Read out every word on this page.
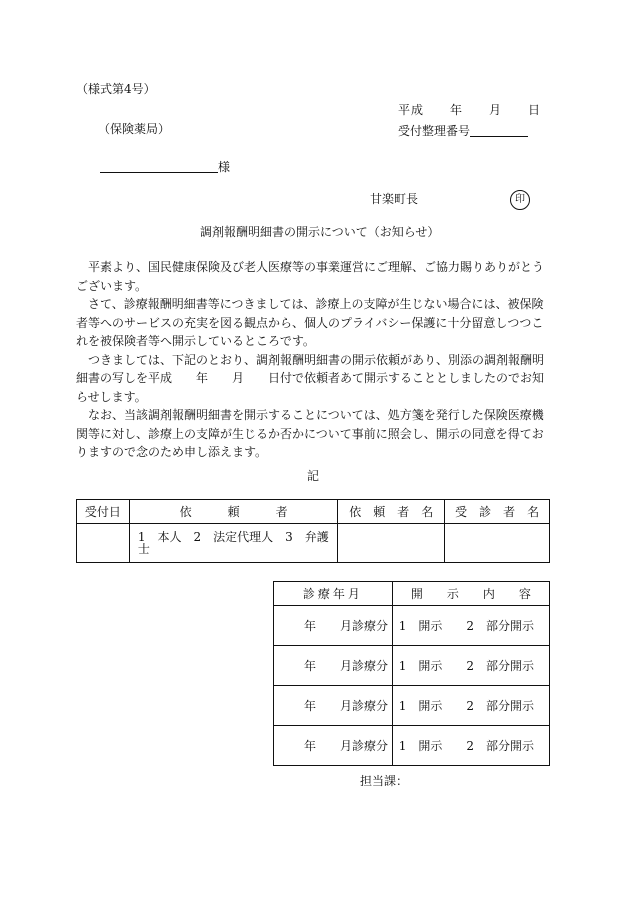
（様式第4号）
平成　　年　　月　　日
（保険薬局）	受付整理番号
様
甘楽町長	印
調剤報酬明細書の開示について（お知らせ）
　平素より、国民健康保険及び老人医療等の事業運営にご理解、ご協力賜りありがとう
ございます。
　さて、診療報酬明細書等につきましては、診療上の支障が生じない場合には、被保険
者等へのサービスの充実を図る観点から、個人のプライバシー保護に十分留意しつつこ
れを被保険者等へ開示しているところです。
　つきましては、下記のとおり、調剤報酬明細書の開示依頼があり、別添の調剤報酬明
細書の写しを平成　　年　　月　　日付で依頼者あて開示することとしましたのでお知
らせします。
　なお、当該調剤報酬明細書を開示することについては、処方箋を発行した保険医療機
関等に対し、診療上の支障が生じるか否かについて事前に照会し、開示の同意を得てお
りますので念のため申し添えます。
記
受付日	依　　　頼　　　者	依　頼　者　名	受　診　者　名
	1　本人　2　法定代理人　3　弁護士		
診療年月	開　　示　　内　　容
年　　月診療分	1　開示　　2　部分開示
年　　月診療分	1　開示　　2　部分開示
年　　月診療分	1　開示　　2　部分開示
年　　月診療分	1　開示　　2　部分開示
担当課：
